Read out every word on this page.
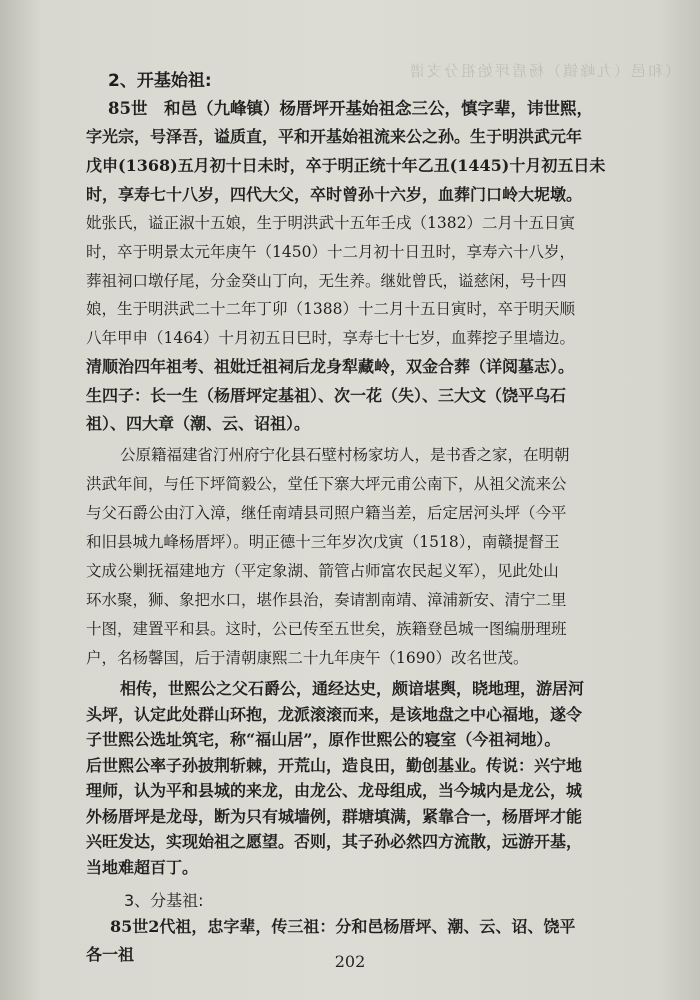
（和邑（九峰镇）杨盾坪始祖分支谱
2、开基始祖:
85世　和邑（九峰镇）杨厝坪开基始祖念三公，慎字辈，讳世熙，
字光宗，号泽吾，谥质直，平和开基始祖流来公之孙。生于明洪武元年
戊申(1368)五月初十日未时，卒于明正统十年乙丑(1445)十月初五日未
时，享寿七十八岁，四代大父，卒时曾孙十六岁，血葬门口岭大坭墩。
妣张氏，谥正淑十五娘，生于明洪武十五年壬戌（1382）二月十五日寅
时，卒于明景太元年庚午（1450）十二月初十日丑时，享寿六十八岁，
葬祖祠口墩仔尾，分金癸山丁向，无生养。继妣曾氏，谥慈闲，号十四
娘，生于明洪武二十二年丁卯（1388）十二月十五日寅时，卒于明天顺
八年甲申（1464）十月初五日巳时，享寿七十七岁，血葬挖子里墙边。
清顺治四年祖考、祖妣迁祖祠后龙身犁藏岭，双金合葬（详阅墓志）。
生四子：长一生（杨厝坪定基祖）、次一花（失）、三大文（饶平乌石
祖）、四大章（潮、云、诏祖）。
公原籍福建省汀州府宁化县石壁村杨家坊人，是书香之家，在明朝
洪武年间，与任下坪简毅公，堂任下寨大坪元甫公南下，从祖父流来公
与父石爵公由汀入漳，继任南靖县司照户籍当差，后定居河头坪（今平
和旧县城九峰杨厝坪）。明正德十三年岁次戊寅（1518），南赣提督王
文成公剿抚福建地方（平定象湖、箭管占师富农民起义军），见此处山
环水聚，狮、象把水口，堪作县治，奏请割南靖、漳浦新安、清宁二里
十图，建置平和县。这时，公已传至五世矣，族籍登邑城一图编册理班
户，名杨馨国，后于清朝康熙二十九年庚午（1690）改名世茂。
相传，世熙公之父石爵公，通经达史，颇谙堪舆，晓地理，游居河
头坪，认定此处群山环抱，龙派滚滚而来，是该地盘之中心福地，遂令
子世熙公选址筑宅，称“福山居”，原作世熙公的寝室（今祖祠地）。
后世熙公率子孙披荆斩棘，开荒山，造良田，勤创基业。传说：兴宁地
理师，认为平和县城的来龙，由龙公、龙母组成，当今城内是龙公，城
外杨厝坪是龙母，断为只有城墙例，群塘填满，紧靠合一，杨厝坪才能
兴旺发达，实现始祖之愿望。否则，其子孙必然四方流散，远游开基，
当地难超百丁。
3、分基祖:
85世2代祖，忠字辈，传三祖：分和邑杨厝坪、潮、云、诏、饶平
各一祖	202
